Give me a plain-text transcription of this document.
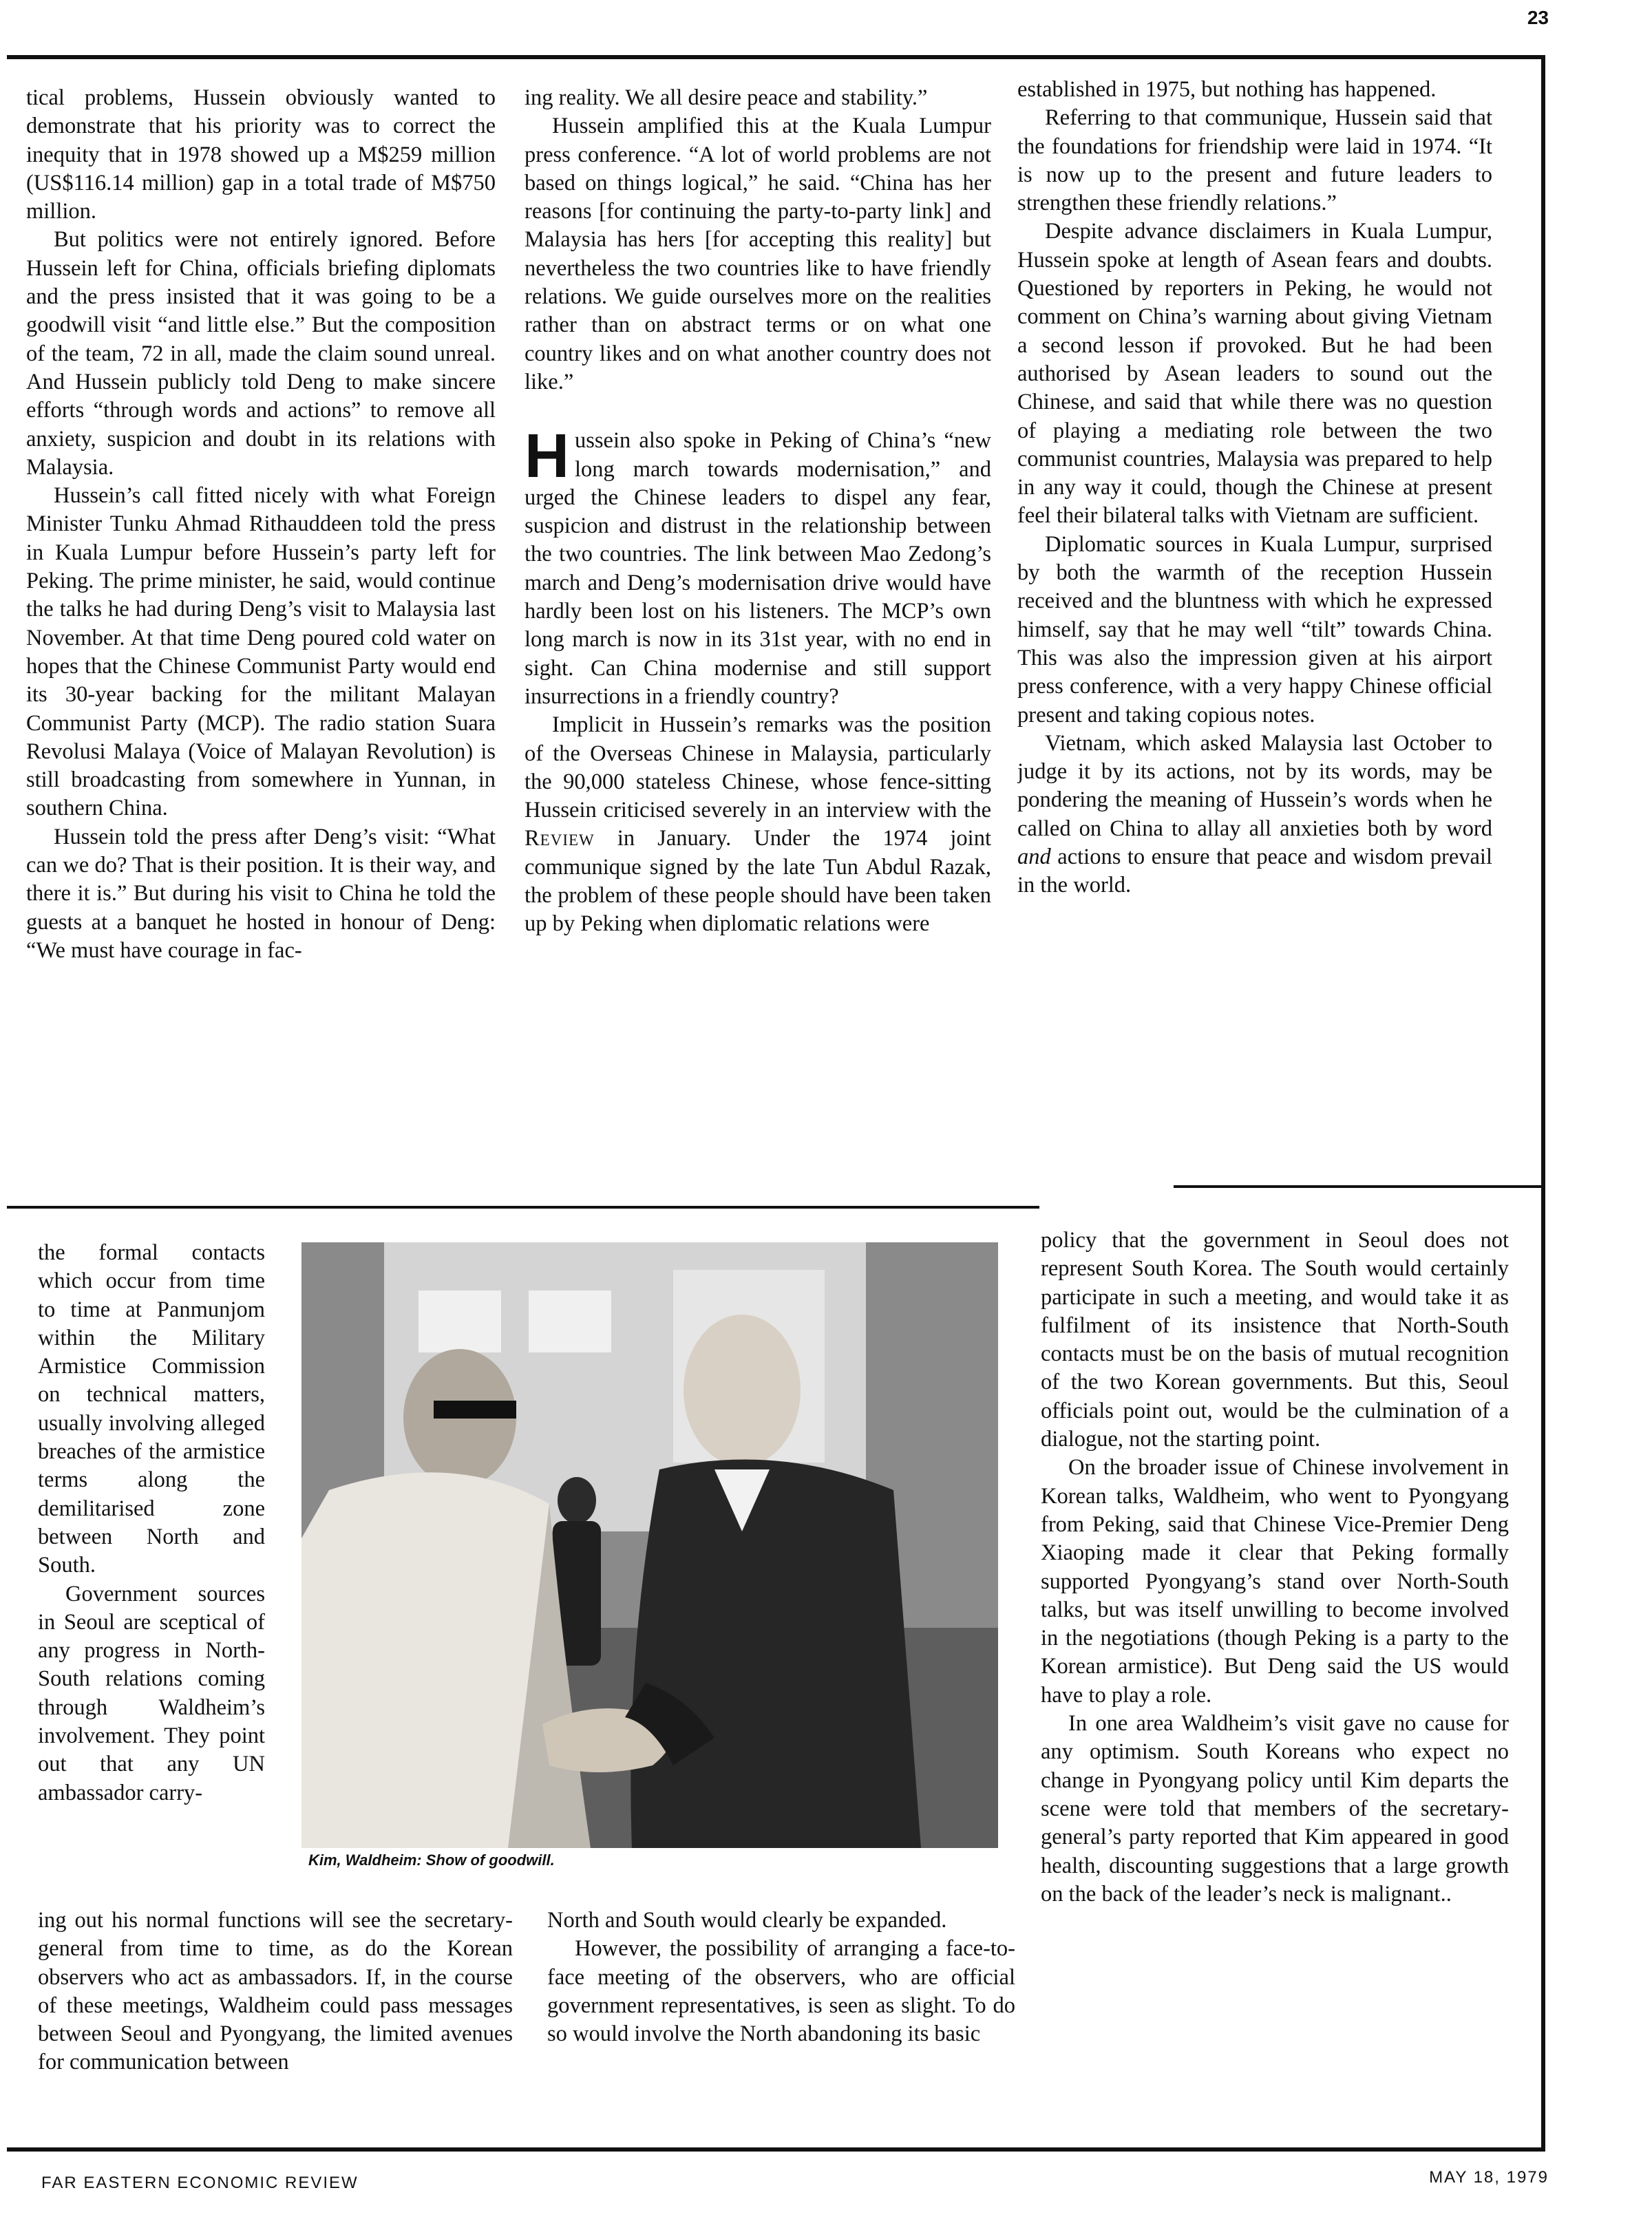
23

tical problems, Hussein obviously wanted to demonstrate that his priority was to correct the inequity that in 1978 showed up a M$259 million (US$116.14 million) gap in a total trade of M$750 million.

But politics were not entirely ignored. Before Hussein left for China, officials briefing diplomats and the press insisted that it was going to be a goodwill visit “and little else.” But the composition of the team, 72 in all, made the claim sound unreal. And Hussein publicly told Deng to make sincere efforts “through words and actions” to remove all anxiety, suspicion and doubt in its relations with Malaysia.

Hussein’s call fitted nicely with what Foreign Minister Tunku Ahmad Rithauddeen told the press in Kuala Lumpur before Hussein’s party left for Peking. The prime minister, he said, would continue the talks he had during Deng’s visit to Malaysia last November. At that time Deng poured cold water on hopes that the Chinese Communist Party would end its 30-year backing for the militant Malayan Communist Party (MCP). The radio station Suara Revolusi Malaya (Voice of Malayan Revolution) is still broadcasting from somewhere in Yunnan, in southern China.

Hussein told the press after Deng’s visit: “What can we do? That is their position. It is their way, and there it is.” But during his visit to China he told the guests at a banquet he hosted in honour of Deng: “We must have courage in fac-

ing reality. We all desire peace and stability.”

Hussein amplified this at the Kuala Lumpur press conference. “A lot of world problems are not based on things logical,” he said. “China has her reasons [for continuing the party-to-party link] and Malaysia has hers [for accepting this reality] but nevertheless the two countries like to have friendly relations. We guide ourselves more on the realities rather than on abstract terms or on what one country likes and on what another country does not like.”

Hussein also spoke in Peking of China’s “new long march towards modernisation,” and urged the Chinese leaders to dispel any fear, suspicion and distrust in the relationship between the two countries. The link between Mao Zedong’s march and Deng’s modernisation drive would have hardly been lost on his listeners. The MCP’s own long march is now in its 31st year, with no end in sight. Can China modernise and still support insurrections in a friendly country?

Implicit in Hussein’s remarks was the position of the Overseas Chinese in Malaysia, particularly the 90,000 stateless Chinese, whose fence-sitting Hussein criticised severely in an interview with the Review in January. Under the 1974 joint communique signed by the late Tun Abdul Razak, the problem of these people should have been taken up by Peking when diplomatic relations were

established in 1975, but nothing has happened.

Referring to that communique, Hussein said that the foundations for friendship were laid in 1974. “It is now up to the present and future leaders to strengthen these friendly relations.”

Despite advance disclaimers in Kuala Lumpur, Hussein spoke at length of Asean fears and doubts. Questioned by reporters in Peking, he would not comment on China’s warning about giving Vietnam a second lesson if provoked. But he had been authorised by Asean leaders to sound out the Chinese, and said that while there was no question of playing a mediating role between the two communist countries, Malaysia was prepared to help in any way it could, though the Chinese at present feel their bilateral talks with Vietnam are sufficient.

Diplomatic sources in Kuala Lumpur, surprised by both the warmth of the reception Hussein received and the bluntness with which he expressed himself, say that he may well “tilt” towards China. This was also the impression given at his airport press conference, with a very happy Chinese official present and taking copious notes.

Vietnam, which asked Malaysia last October to judge it by its actions, not by its words, may be pondering the meaning of Hussein’s words when he called on China to allay all anxieties both by word and actions to ensure that peace and wisdom prevail in the world.

the formal contacts which occur from time to time at Panmunjom within the Military Armistice Commission on technical matters, usually involving alleged breaches of the armistice terms along the demilitarised zone between North and South.

Government sources in Seoul are sceptical of any progress in North-South relations coming through Waldheim’s involvement. They point out that any UN ambassador carry-

Kim, Waldheim: Show of goodwill.

ing out his normal functions will see the secretary-general from time to time, as do the Korean observers who act as ambassadors. If, in the course of these meetings, Waldheim could pass messages between Seoul and Pyongyang, the limited avenues for communication between

North and South would clearly be expanded.

However, the possibility of arranging a face-to-face meeting of the observers, who are official government representatives, is seen as slight. To do so would involve the North abandoning its basic

policy that the government in Seoul does not represent South Korea. The South would certainly participate in such a meeting, and would take it as fulfilment of its insistence that North-South contacts must be on the basis of mutual recognition of the two Korean governments. But this, Seoul officials point out, would be the culmination of a dialogue, not the starting point.

On the broader issue of Chinese involvement in Korean talks, Waldheim, who went to Pyongyang from Peking, said that Chinese Vice-Premier Deng Xiaoping made it clear that Peking formally supported Pyongyang’s stand over North-South talks, but was itself unwilling to become involved in the negotiations (though Peking is a party to the Korean armistice). But Deng said the US would have to play a role.

In one area Waldheim’s visit gave no cause for any optimism. South Koreans who expect no change in Pyongyang policy until Kim departs the scene were told that members of the secretary-general’s party reported that Kim appeared in good health, discounting suggestions that a large growth on the back of the leader’s neck is malignant..

FAR EASTERN ECONOMIC REVIEW	MAY 18, 1979
